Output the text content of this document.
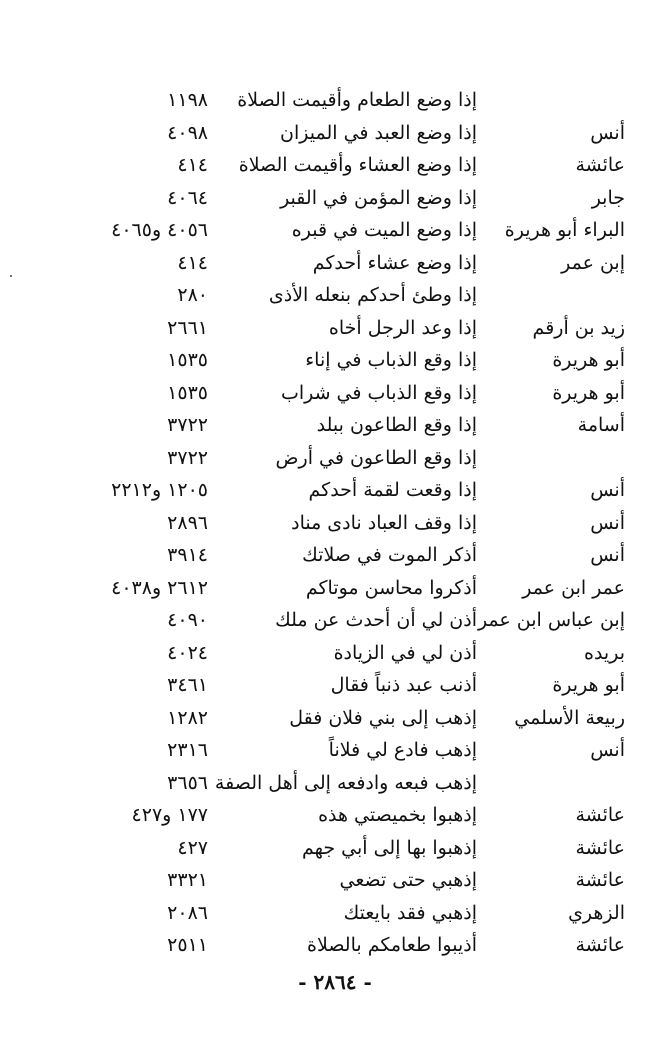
إذا وضع الطعام وأقيمت الصلاة
١١٩٨
أنس
إذا وضع العبد في الميزان
٤٠٩٨
عائشة
إذا وضع العشاء وأقيمت الصلاة
٤١٤
جابر
إذا وضع المؤمن في القبر
٤٠٦٤
البراء أبو هريرة
إذا وضع الميت في قبره
٤٠٥٦ و٤٠٦٥
إبن عمر
إذا وضع عشاء أحدكم
٤١٤
إذا وطئ أحدكم بنعله الأذى
٢٨٠
زيد بن أرقم
إذا وعد الرجل أخاه
٢٦٦١
أبو هريرة
إذا وقع الذباب في إناء
١٥٣٥
أبو هريرة
إذا وقع الذباب في شراب
١٥٣٥
أسامة
إذا وقع الطاعون ببلد
٣٧٢٢
إذا وقع الطاعون في أرض
٣٧٢٢
أنس
إذا وقعت لقمة أحدكم
١٢٠٥ و٢٢١٢
أنس
إذا وقف العباد نادى مناد
٢٨٩٦
أنس
أذكر الموت في صلاتك
٣٩١٤
عمر ابن عمر
أذكروا محاسن موتاكم
٢٦١٢ و٤٠٣٨
إبن عباس ابن عمر
أذن لي أن أحدث عن ملك
٤٠٩٠
بريده
أذن لي في الزيادة
٤٠٢٤
أبو هريرة
أذنب عبد ذنباً فقال
٣٤٦١
ربيعة الأسلمي
إذهب إلى بني فلان فقل
١٢٨٢
أنس
إذهب فادع لي فلاناً
٢٣١٦
إذهب فبعه وادفعه إلى أهل الصفة
٣٦٥٦
عائشة
إذهبوا بخميصتي هذه
١٧٧ و٤٢٧
عائشة
إذهبوا بها إلى أبي جهم
٤٢٧
عائشة
إذهبي حتى تضعي
٣٣٢١
الزهري
إذهبي فقد بايعتك
٢٠٨٦
عائشة
أذيبوا طعامكم بالصلاة
٢٥١١
- ٢٨٦٤ -
